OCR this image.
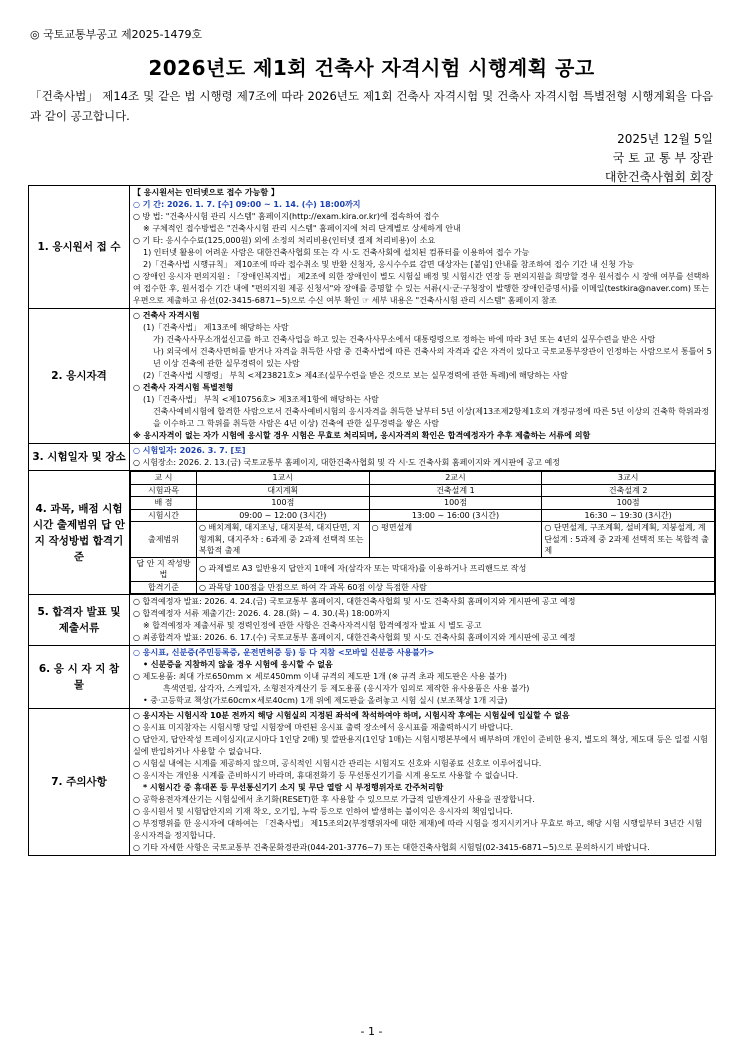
◎ 국토교통부공고 제2025-1479호
2026년도 제1회 건축사 자격시험 시행계획 공고
「건축사법」 제14조 및 같은 법 시행령 제7조에 따라 2026년도 제1회 건축사 자격시험 및 건축사 자격시험 특별전형 시행계획을 다음과 같이 공고합니다.
2025년 12월 5일
국 토 교 통 부 장관
대한건축사협회 회장
1. 응시원서 접 수	
【 응시원서는 인터넷으로 접수 가능함 】
○ 기 간: 2026. 1. 7. [수] 09:00 ~ 1. 14. (수) 18:00까지
○ 방 법: "건축사시험 관리 시스템" 홈페이지(http://exam.kira.or.kr)에 접속하여 접수
※ 구체적인 접수방법은 "건축사시험 관리 시스템" 홈페이지에 처리 단계별로 상세하게 안내
○ 기 타: 응시수수료(125,000원) 외에 소정의 처리비용(인터넷 결제 처리비용)이 소요
1) 인터넷 활용이 어려운 사람은 대한건축사협회 또는 각 시·도 건축사회에 설치된 컴퓨터를 이용하여 접수 가능
2)「건축사법 시행규칙」 제10조에 따라 접수취소 및 반환 신청자, 응시수수료 감면 대상자는 [붙임] 안내를 참조하여 접수 기간 내 신청 가능
○ 장애인 응시자 편의지원 : 「장애인복지법」 제2조에 의한 장애인이 별도 시험실 배정 및 시험시간 연장 등 편의지원을 희망할 경우 원서접수 시 장애 여부를 선택하여 접수한 후, 원서접수 기간 내에 "편의지원 제공 신청서"와 장애를 증명할 수 있는 서류(시·군·구청장이 발행한 장애인증명서)를 이메일(testkira@naver.com) 또는 우편으로 제출하고 유선(02-3415-6871~5)으로 수신 여부 확인 ☞ 세부 내용은 "건축사시험 관리 시스템" 홈페이지 참조

2. 응시자격	
○ 건축사 자격시험
(1)「건축사법」 제13조에 해당하는 사람
가) 건축사사무소개설신고를 하고 건축사업을 하고 있는 건축사사무소에서 대통령령으로 정하는 바에 따라 3년 또는 4년의 실무수련을 받은 사람
나) 외국에서 건축사면허를 받거나 자격을 취득한 사람 중 건축사법에 따른 건축사의 자격과 같은 자격이 있다고 국토교통부장관이 인정하는 사람으로서 통틀어 5년 이상 건축에 관한 실무경력이 있는 사람
(2)「건축사법 시행령」 부칙 <제23821호> 제4조(실무수련을 받은 것으로 보는 실무경력에 관한 특례)에 해당하는 사람
○ 건축사 자격시험 특별전형
(1)「건축사법」 부칙 <제10756호> 제3조제1항에 해당하는 사람
건축사예비시험에 합격한 사람으로서 건축사예비시험의 응시자격을 취득한 날부터 5년 이상(제13조제2항제1호의 개정규정에 따른 5년 이상의 건축학 학위과정을 이수하고 그 학위를 취득한 사람은 4년 이상) 건축에 관한 실무경력을 쌓은 사람
※ 응시자격이 없는 자가 시험에 응시할 경우 시험은 무효로 처리되며, 응시자격의 확인은 합격예정자가 추후 제출하는 서류에 의함

3. 시험일자 및 장소	
○ 시험일자: 2026. 3. 7. [토]
○ 시험장소: 2026. 2. 13.(금) 국토교통부 홈페이지, 대한건축사협회 및 각 시·도 건축사회 홈페이지와 게시판에 공고 예정

4. 과목, 배점 시험시간 출제범위 답 안 지 작성방법 합격기준	
교 시	1교시	2교시	3교시
시험과목	대지계획	건축설계 1	건축설계 2
배 점	100점	100점	100점
시험시간	09:00 ~ 12:00 (3시간)	13:00 ~ 16:00 (3시간)	16:30 ~ 19:30 (3시간)
출제범위	○ 배치계획, 대지조닝, 대지분석, 대지단면, 지형계획, 대지주차 : 6과제 중 2과제 선택적 또는 복합적 출제	○ 평면설계	○ 단면설계, 구조계획, 설비계획, 지붕설계, 계단설계 : 5과제 중 2과제 선택적 또는 복합적 출제
답 안 지 작성방법	○ 과제별로 A3 일반용지 답안지 1매에 자(삼각자 또는 막대자)를 이용하거나 프리핸드로 작성
합격기준	○ 과목당 100점을 만점으로 하여 각 과목 60점 이상 득점한 사람

5. 합격자 발표 및 제출서류	
○ 합격예정자 발표: 2026. 4. 24.(금) 국토교통부 홈페이지, 대한건축사협회 및 시·도 건축사회 홈페이지와 게시판에 공고 예정
○ 합격예정자 서류 제출기간: 2026. 4. 28.(화) ~ 4. 30.(목) 18:00까지
※ 합격예정자 제출서류 및 경력인정에 관한 사항은 건축사자격시험 합격예정자 발표 시 별도 공고
○ 최종합격자 발표: 2026. 6. 17.(수) 국토교통부 홈페이지, 대한건축사협회 및 시·도 건축사회 홈페이지와 게시판에 공고 예정

6. 응 시 자 지 참 물	
○ 응시표, 신분증(주민등록증, 운전면허증 등) 등 다 지참 <모바일 신분증 사용불가>
• 신분증을 지참하지 않을 경우 시험에 응시할 수 없음
○ 제도용품: 최대 가로650mm × 세로450mm 이내 규격의 제도판 1개 (※ 규격 초과 제도판은 사용 불가)
흑색연필, 삼각자, 스케일자, 소형전자계산기 등 제도용품 (응시자가 임의로 제작한 유사용품은 사용 불가)
• 중·고등학교 책상(가로60cm×세로40cm) 1개 위에 제도판을 올려놓고 시험 실시 (보조책상 1개 지급)

7. 주의사항	
○ 응시자는 시험시작 10분 전까지 해당 시험실의 지정된 좌석에 착석하여야 하며, 시험시작 후에는 시험실에 입실할 수 없음
○ 응시표 미지참자는 시험시행 당일 시험장에 마련된 응시표 출력 장소에서 응시표를 재출력하시기 바랍니다.
○ 답안지, 답안작성 트레이싱지(교시마다 1인당 2매) 및 깔판용지(1인당 1매)는 시험시행본부에서 배부하며 개인이 준비한 용지, 별도의 책상, 제도대 등은 일절 시험실에 반입하거나 사용할 수 없습니다.
○ 시험실 내에는 시계를 제공하지 않으며, 공식적인 시험시간 관리는 시험지도 신호와 시험종료 신호로 이루어집니다.
○ 응시자는 개인용 시계를 준비하시기 바라며, 휴대전화기 등 무선통신기기를 시계 용도로 사용할 수 없습니다.
* 시험시간 중 휴대폰 등 무선통신기기 소지 및 무단 열람 시 부정행위자로 간주처리함
○ 공학용전자계산기는 시험실에서 초기화(RESET)한 후 사용할 수 있으므로 가급적 일반계산기 사용을 권장합니다.
○ 응시원서 및 시험답안지의 기재 착오, 오기입, 누락 등으로 인하여 발생하는 불이익은 응시자의 책임입니다.
○ 부정행위를 한 응시자에 대하여는 「건축사법」 제15조의2(부정행위자에 대한 제재)에 따라 시험을 정지시키거나 무효로 하고, 해당 시험 시행일부터 3년간 시험 응시자격을 정지합니다.
○ 기타 자세한 사항은 국토교통부 건축문화경관과(044-201-3776~7) 또는 대한건축사협회 시험팀(02-3415-6871~5)으로 문의하시기 바랍니다.
- 1 -
